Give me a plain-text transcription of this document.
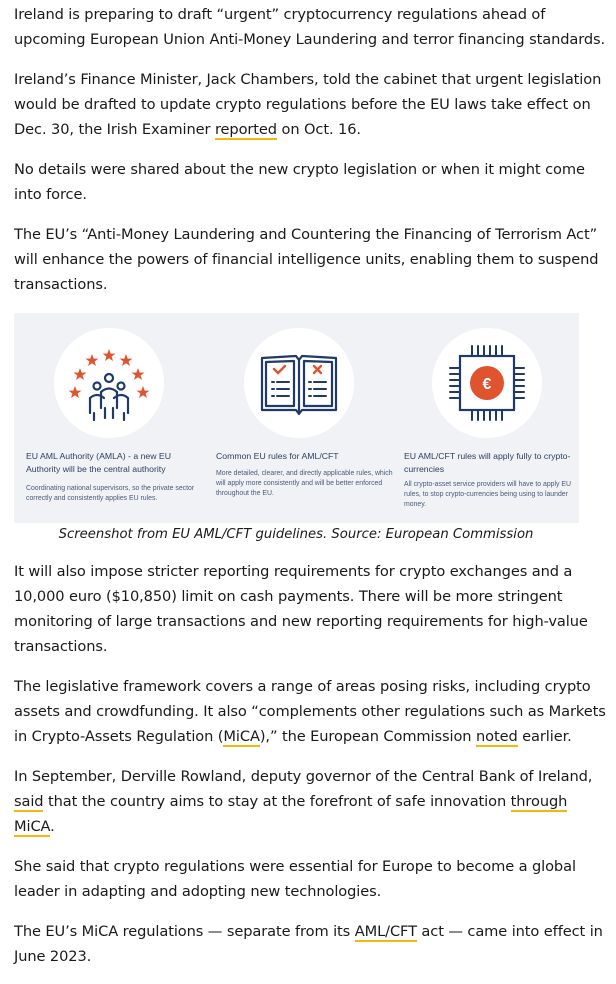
Ireland is preparing to draft “urgent” cryptocurrency regulations ahead of upcoming European Union Anti-Money Laundering and terror financing standards.

Ireland’s Finance Minister, Jack Chambers, told the cabinet that urgent legislation would be drafted to update crypto regulations before the EU laws take effect on Dec. 30, the Irish Examiner reported on Oct. 16.

No details were shared about the new crypto legislation or when it might come into force.

The EU’s “Anti-Money Laundering and Countering the Financing of Terrorism Act” will enhance the powers of financial intelligence units, enabling them to suspend transactions.

EU AML Authority (AMLA) - a new EU Authority will be the central authority
Coordinating national supervisors, so the private sector correctly and consistently applies EU rules.
Common EU rules for AML/CFT
More detailed, clearer, and directly applicable rules, which will apply more consistently and will be better enforced throughout the EU.
€
EU AML/CFT rules will apply fully to crypto-currencies
All crypto-asset service providers will have to apply EU rules, to stop crypto-currencies being using to launder money.
Screenshot from EU AML/CFT guidelines. Source: European Commission

It will also impose stricter reporting requirements for crypto exchanges and a 10,000 euro ($10,850) limit on cash payments. There will be more stringent monitoring of large transactions and new reporting requirements for high-value transactions.

The legislative framework covers a range of areas posing risks, including crypto assets and crowdfunding. It also “complements other regulations such as Markets in Crypto-Assets Regulation (MiCA),” the European Commission noted earlier.

In September, Derville Rowland, deputy governor of the Central Bank of Ireland, said that the country aims to stay at the forefront of safe innovation through MiCA.

She said that crypto regulations were essential for Europe to become a global leader in adapting and adopting new technologies.

The EU’s MiCA regulations — separate from its AML/CFT act — came into effect in June 2023.
